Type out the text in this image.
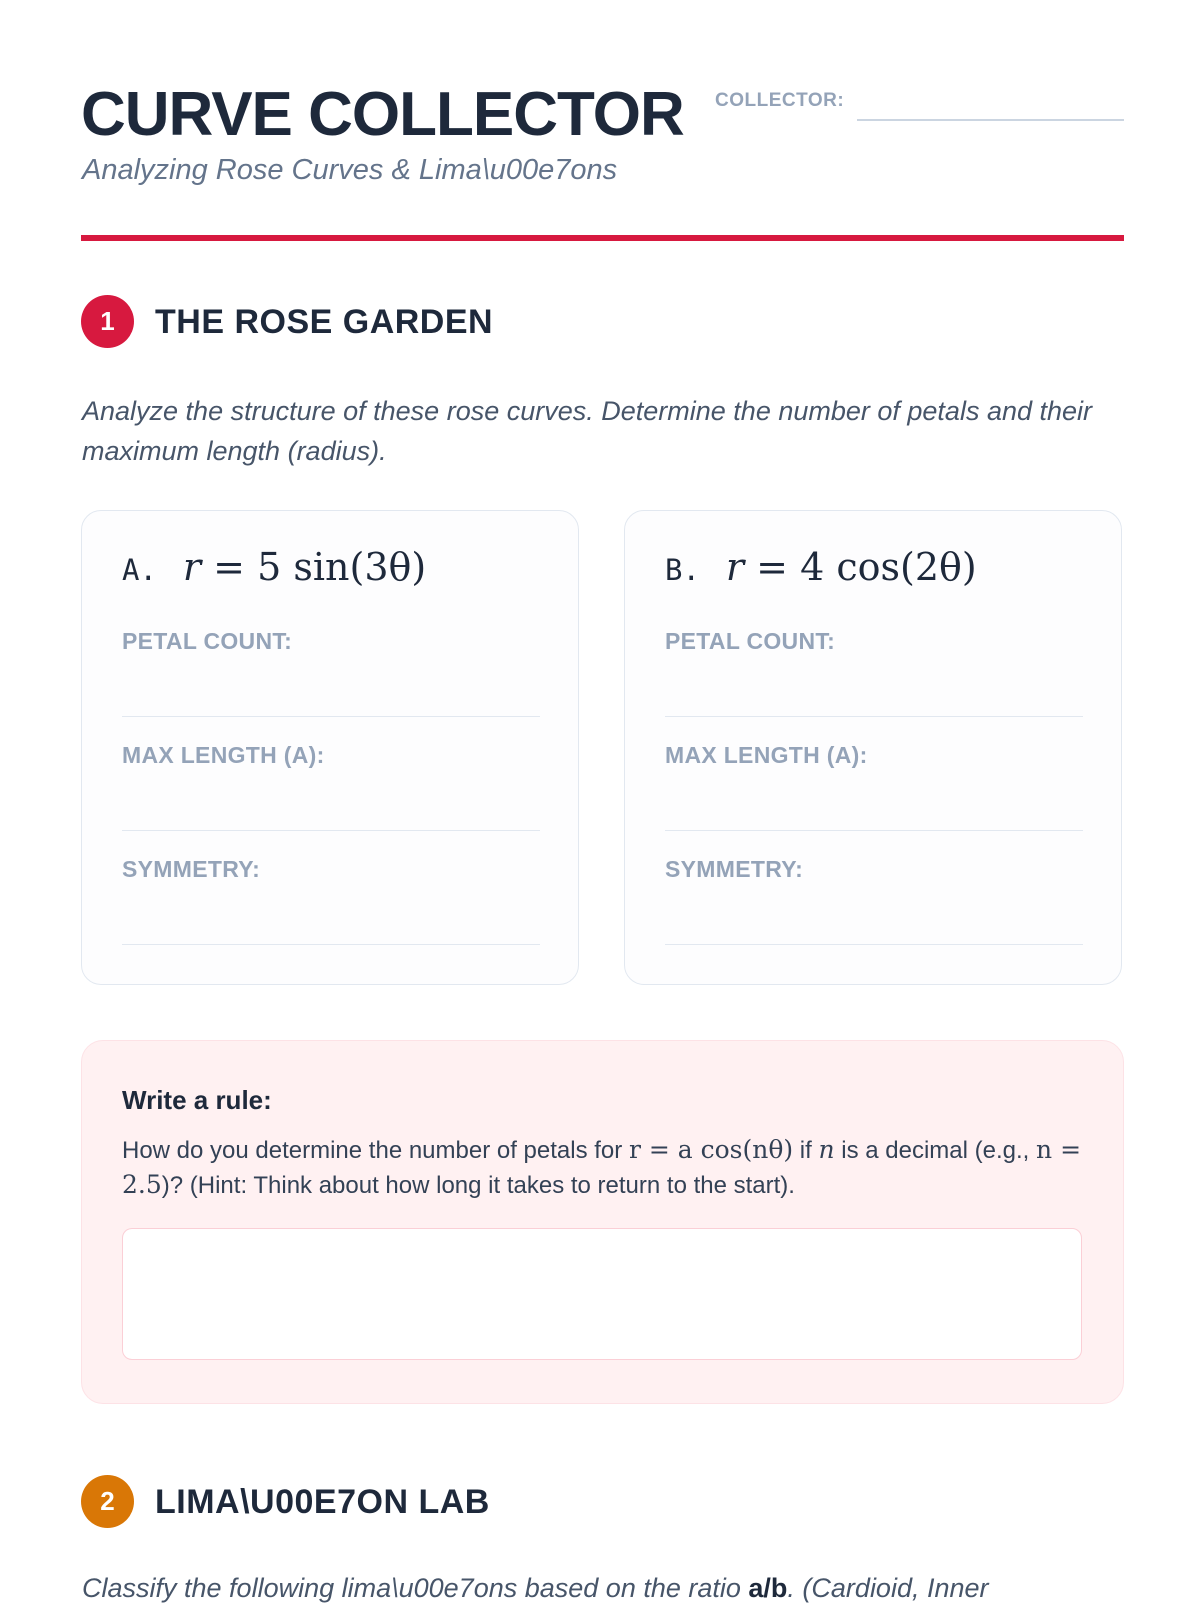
CURVE COLLECTOR
Analyzing Rose Curves & Lima\u00e7ons
COLLECTOR:
1	THE ROSE GARDEN
Analyze the structure of these rose curves. Determine the number of petals and their maximum length (radius).
A. r = 5 sin(3θ)
PETAL COUNT:
MAX LENGTH (A):
SYMMETRY:
B. r = 4 cos(2θ)
PETAL COUNT:
MAX LENGTH (A):
SYMMETRY:
Write a rule:
How do you determine the number of petals for r = a cos(nθ) if n is a decimal (e.g., n = 2.5)? (Hint: Think about how long it takes to return to the start).
2	LIMA\U00E7ON LAB
Classify the following lima\u00e7ons based on the ratio a/b. (Cardioid, Inner
